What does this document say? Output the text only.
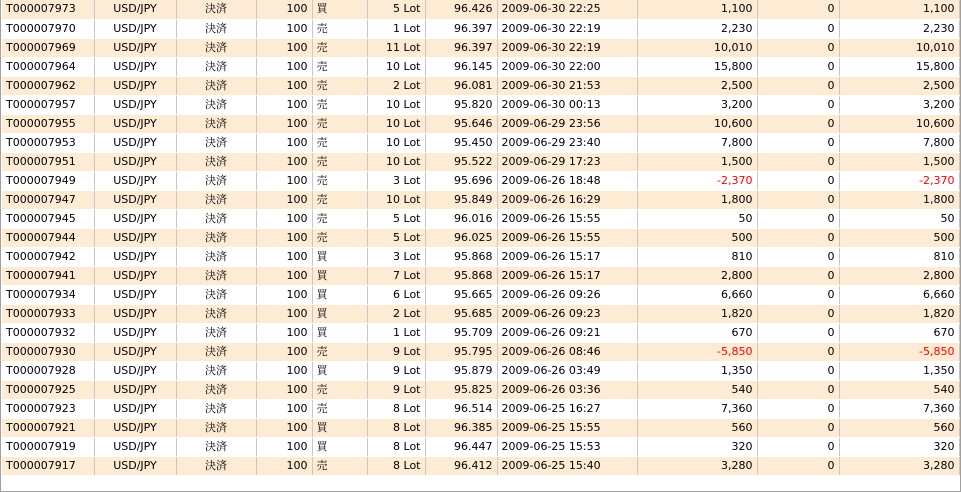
T000007973	USD/JPY	決済	100	買	5 Lot	96.426	2009-06-30 22:25	1,100	0	1,100
T000007970	USD/JPY	決済	100	売	1 Lot	96.397	2009-06-30 22:19	2,230	0	2,230
T000007969	USD/JPY	決済	100	売	11 Lot	96.397	2009-06-30 22:19	10,010	0	10,010
T000007964	USD/JPY	決済	100	売	10 Lot	96.145	2009-06-30 22:00	15,800	0	15,800
T000007962	USD/JPY	決済	100	売	2 Lot	96.081	2009-06-30 21:53	2,500	0	2,500
T000007957	USD/JPY	決済	100	売	10 Lot	95.820	2009-06-30 00:13	3,200	0	3,200
T000007955	USD/JPY	決済	100	売	10 Lot	95.646	2009-06-29 23:56	10,600	0	10,600
T000007953	USD/JPY	決済	100	売	10 Lot	95.450	2009-06-29 23:40	7,800	0	7,800
T000007951	USD/JPY	決済	100	売	10 Lot	95.522	2009-06-29 17:23	1,500	0	1,500
T000007949	USD/JPY	決済	100	売	3 Lot	95.696	2009-06-26 18:48	-2,370	0	-2,370
T000007947	USD/JPY	決済	100	売	10 Lot	95.849	2009-06-26 16:29	1,800	0	1,800
T000007945	USD/JPY	決済	100	売	5 Lot	96.016	2009-06-26 15:55	50	0	50
T000007944	USD/JPY	決済	100	売	5 Lot	96.025	2009-06-26 15:55	500	0	500
T000007942	USD/JPY	決済	100	買	3 Lot	95.868	2009-06-26 15:17	810	0	810
T000007941	USD/JPY	決済	100	買	7 Lot	95.868	2009-06-26 15:17	2,800	0	2,800
T000007934	USD/JPY	決済	100	買	6 Lot	95.665	2009-06-26 09:26	6,660	0	6,660
T000007933	USD/JPY	決済	100	買	2 Lot	95.685	2009-06-26 09:23	1,820	0	1,820
T000007932	USD/JPY	決済	100	買	1 Lot	95.709	2009-06-26 09:21	670	0	670
T000007930	USD/JPY	決済	100	売	9 Lot	95.795	2009-06-26 08:46	-5,850	0	-5,850
T000007928	USD/JPY	決済	100	買	9 Lot	95.879	2009-06-26 03:49	1,350	0	1,350
T000007925	USD/JPY	決済	100	売	9 Lot	95.825	2009-06-26 03:36	540	0	540
T000007923	USD/JPY	決済	100	売	8 Lot	96.514	2009-06-25 16:27	7,360	0	7,360
T000007921	USD/JPY	決済	100	買	8 Lot	96.385	2009-06-25 15:55	560	0	560
T000007919	USD/JPY	決済	100	買	8 Lot	96.447	2009-06-25 15:53	320	0	320
T000007917	USD/JPY	決済	100	売	8 Lot	96.412	2009-06-25 15:40	3,280	0	3,280
